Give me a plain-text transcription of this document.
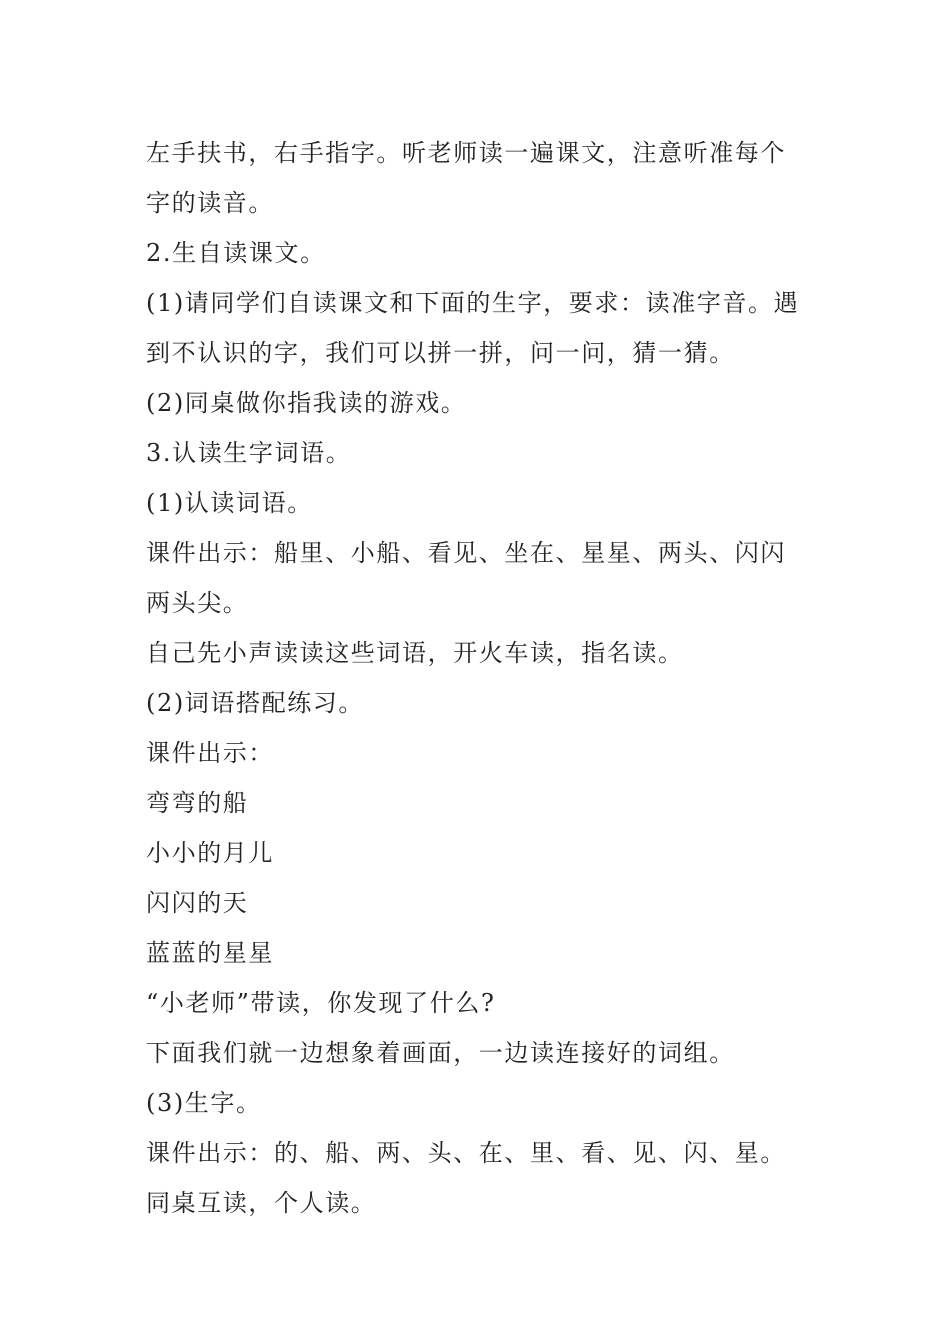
左手扶书，右手指字。听老师读一遍课文，注意听准每个
字的读音。
2.生自读课文。
(1)请同学们自读课文和下面的生字，要求：读准字音。遇
到不认识的字，我们可以拼一拼，问一问，猜一猜。
(2)同桌做你指我读的游戏。
3.认读生字词语。
(1)认读词语。
课件出示：船里、小船、看见、坐在、星星、两头、闪闪
两头尖。
自己先小声读读这些词语，开火车读，指名读。
(2)词语搭配练习。
课件出示：
弯弯的船
小小的月儿
闪闪的天
蓝蓝的星星
“小老师”带读，你发现了什么?
下面我们就一边想象着画面，一边读连接好的词组。
(3)生字。
课件出示：的、船、两、头、在、里、看、见、闪、星。
同桌互读，个人读。
